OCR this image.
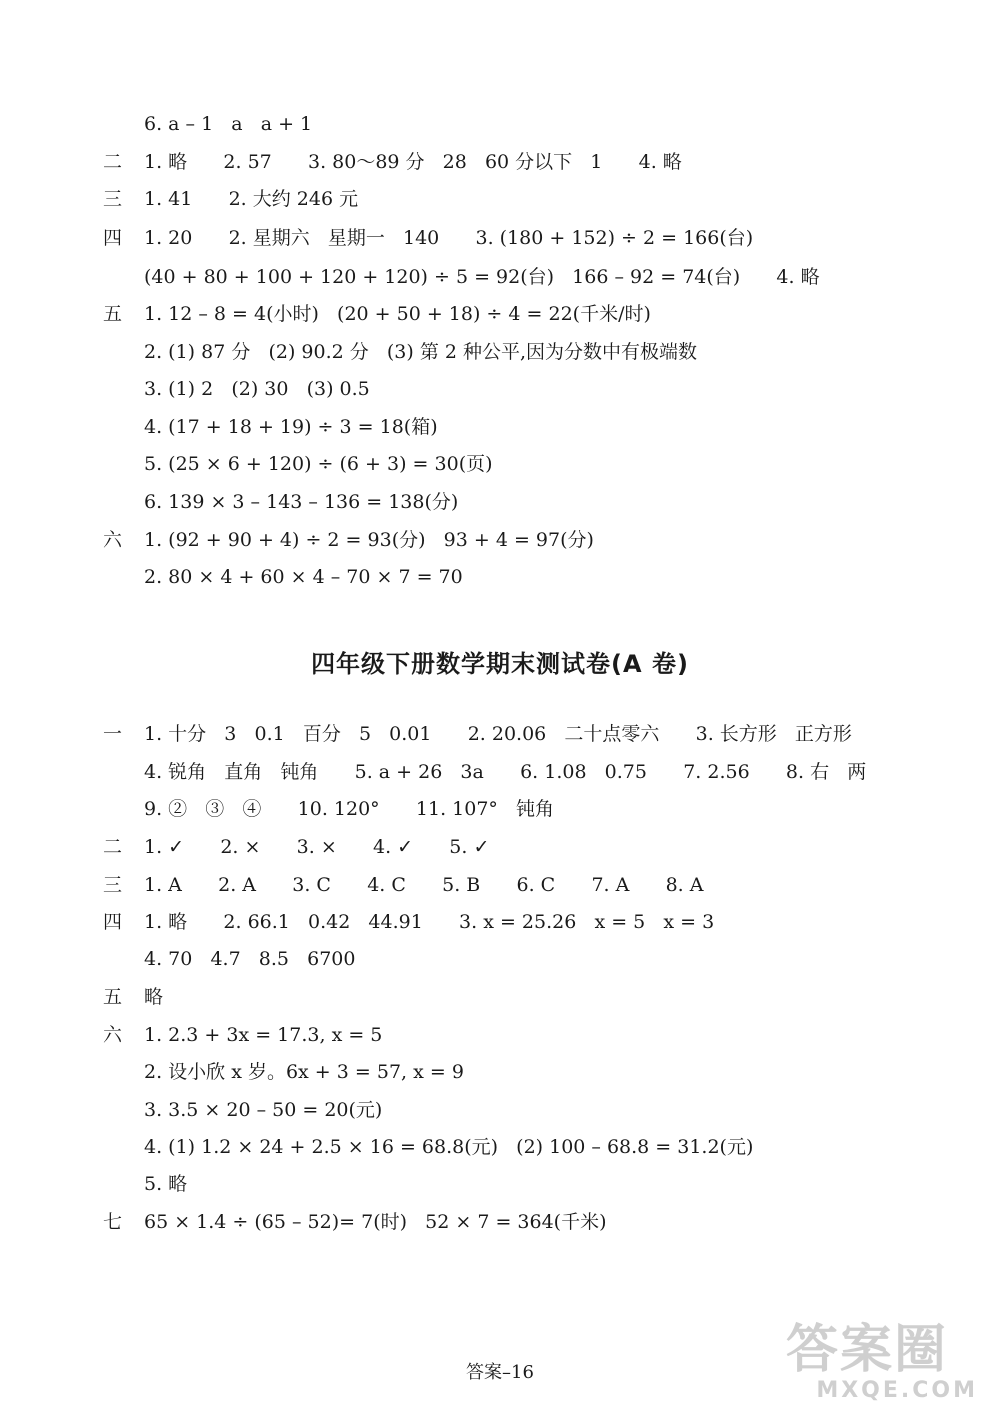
6. a – 1   a   a + 1
二	1. 略      2. 57      3. 80～89 分   28   60 分以下   1      4. 略
三	1. 41      2. 大约 246 元
四	1. 20      2. 星期六   星期一   140      3. (180 + 152) ÷ 2 = 166(台)
(40 + 80 + 100 + 120 + 120) ÷ 5 = 92(台)   166 – 92 = 74(台)      4. 略
五	1. 12 – 8 = 4(小时)   (20 + 50 + 18) ÷ 4 = 22(千米/时)
2. (1) 87 分   (2) 90.2 分   (3) 第 2 种公平,因为分数中有极端数
3. (1) 2   (2) 30   (3) 0.5
4. (17 + 18 + 19) ÷ 3 = 18(箱)
5. (25 × 6 + 120) ÷ (6 + 3) = 30(页)
6. 139 × 3 – 143 – 136 = 138(分)
六	1. (92 + 90 + 4) ÷ 2 = 93(分)   93 + 4 = 97(分)
2. 80 × 4 + 60 × 4 – 70 × 7 = 70
四年级下册数学期末测试卷(A 卷)
一	1. 十分   3   0.1   百分   5   0.01      2. 20.06   二十点零六      3. 长方形   正方形
4. 锐角   直角   钝角      5. a + 26   3a      6. 1.08   0.75      7. 2.56      8. 右   两
9. ②   ③   ④      10. 120°      11. 107°   钝角
二	1. ✓      2. ×      3. ×      4. ✓      5. ✓
三	1. A      2. A      3. C      4. C      5. B      6. C      7. A      8. A
四	1. 略      2. 66.1   0.42   44.91      3. x = 25.26   x = 5   x = 3
4. 70   4.7   8.5   6700
五	略
六	1. 2.3 + 3x = 17.3, x = 5
2. 设小欣 x 岁。6x + 3 = 57, x = 9
3. 3.5 × 20 – 50 = 20(元)
4. (1) 1.2 × 24 + 2.5 × 16 = 68.8(元)   (2) 100 – 68.8 = 31.2(元)
5. 略
七	65 × 1.4 ÷ (65 – 52)= 7(时)   52 × 7 = 364(千米)
答案–16	答案圈
MXQE.COM
